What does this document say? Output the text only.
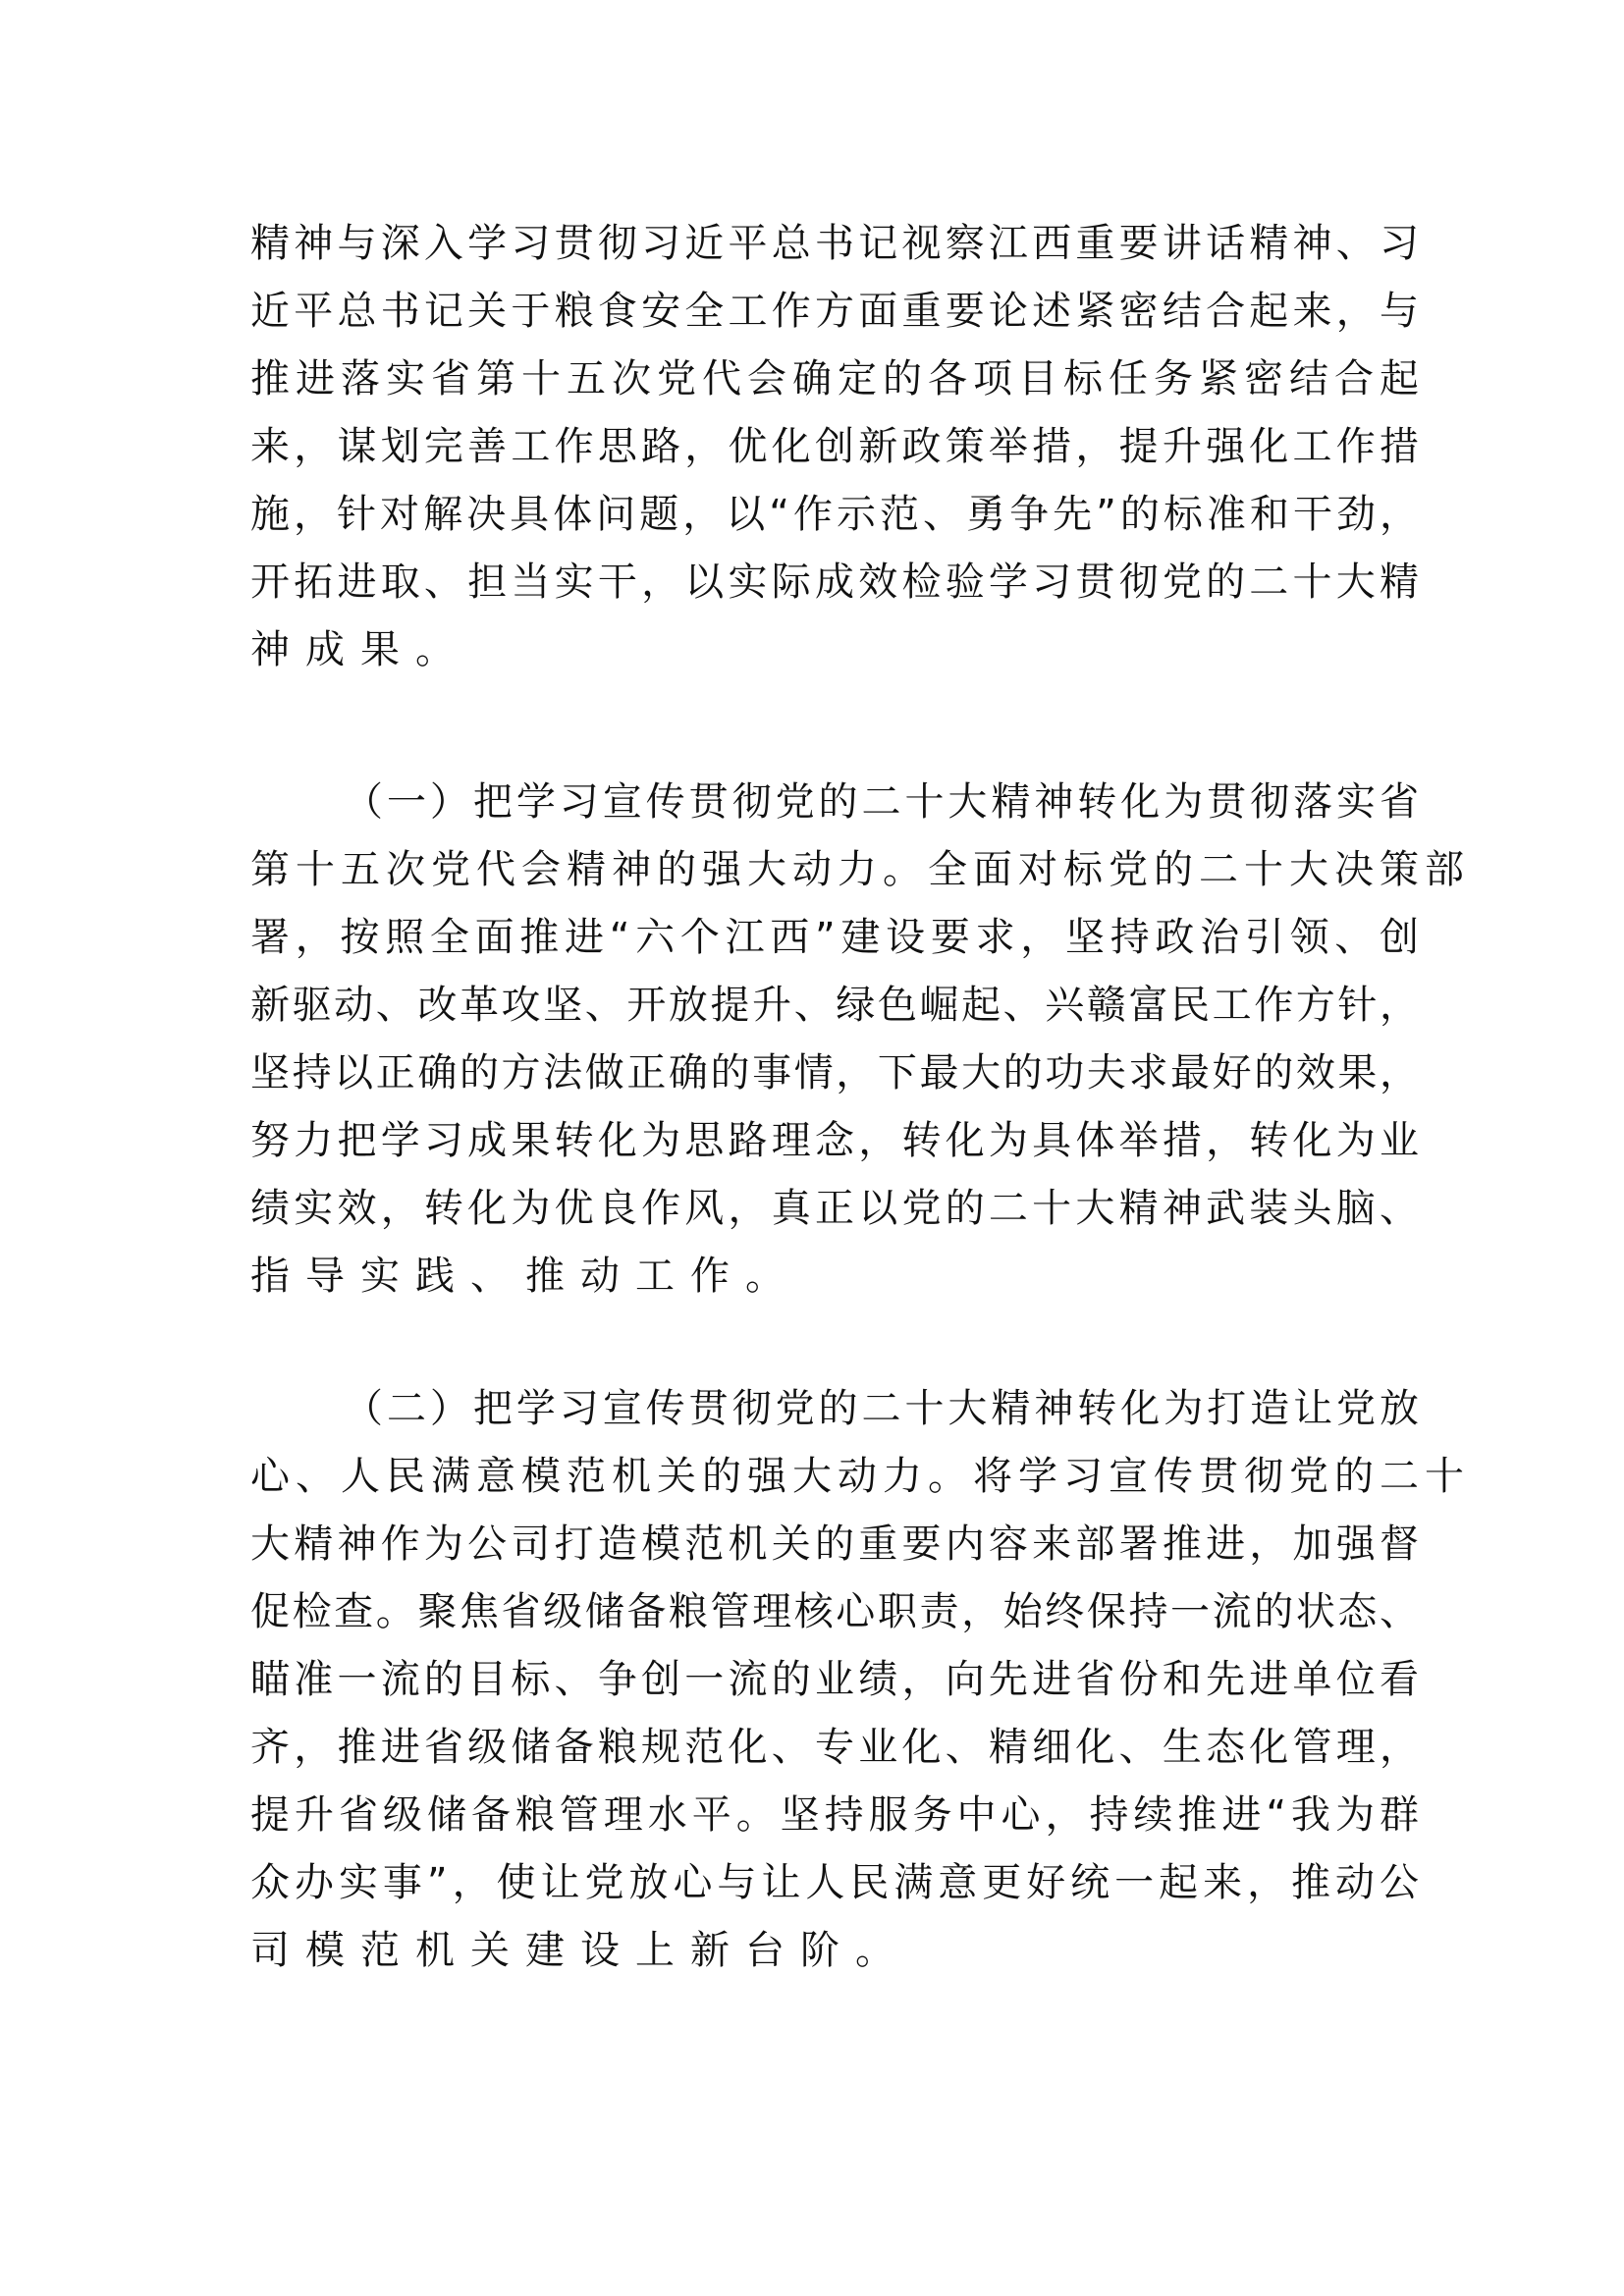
精神与深入学习贯彻习近平总书记视察江西重要讲话精神、习
近平总书记关于粮食安全工作方面重要论述紧密结合起来，与
推进落实省第十五次党代会确定的各项目标任务紧密结合起
来，谋划完善工作思路，优化创新政策举措，提升强化工作措
施，针对解决具体问题，以“作示范、勇争先”的标准和干劲，
开拓进取、担当实干，以实际成效检验学习贯彻党的二十大精
神成果。
（一）把学习宣传贯彻党的二十大精神转化为贯彻落实省
第十五次党代会精神的强大动力。 全面对标党的二十大决策部
署，按照全面推进“六个江西”建设要求，坚持政治引领、创
新驱动、改革攻坚、开放提升、绿色崛起、兴赣富民工作方针，
坚持以正确的方法做正确的事情，下最大的功夫求最好的效果，
努力把学习成果转化为思路理念，转化为具体举措，转化为业
绩实效，转化为优良作风，真正以党的二十大精神武装头脑、
指导实践、推动工作。
（二）把学习宣传贯彻党的二十大精神转化为打造让党放
心、人民满意模范机关的强大动力。 将学习宣传贯彻党的二十
大精神作为公司打造模范机关的重要内容来部署推进，加强督
促检查。聚焦省级储备粮管理核心职责，始终保持一流的状态、
瞄准一流的目标、争创一流的业绩，向先进省份和先进单位看
齐，推进省级储备粮规范化、专业化、精细化、生态化管理，
提升省级储备粮管理水平。坚持服务中心，持续推进“我为群
众办实事”，使让党放心与让人民满意更好统一起来，推动公
司模范机关建设上新台阶。
